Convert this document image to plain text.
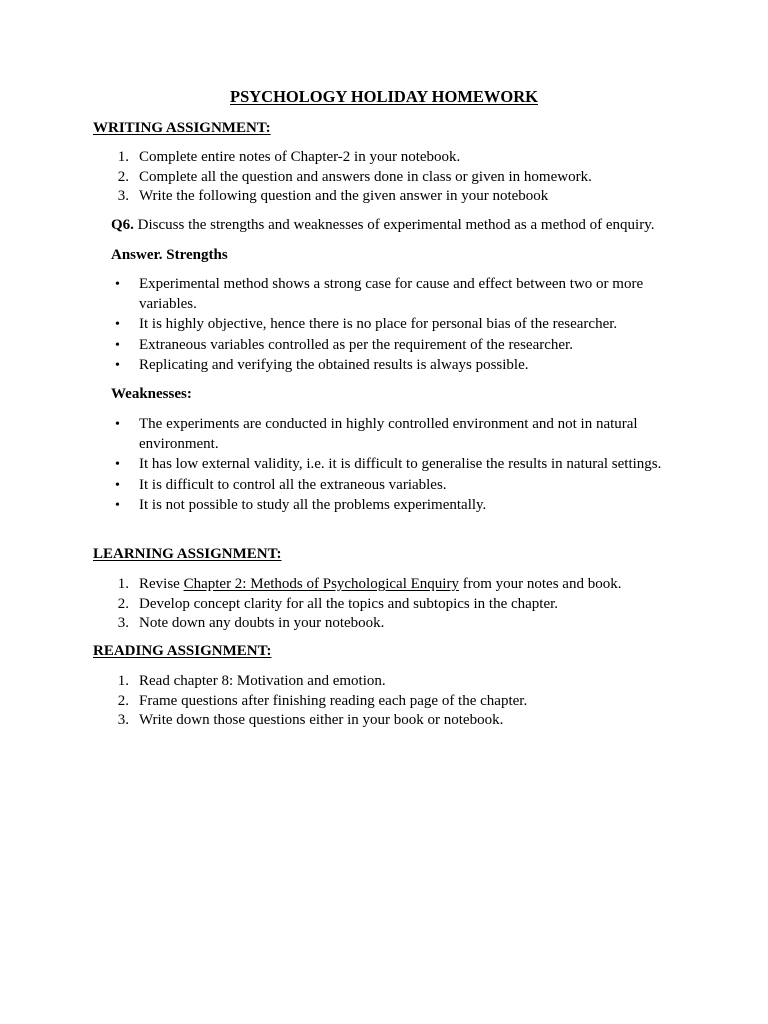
PSYCHOLOGY HOLIDAY HOMEWORK
WRITING ASSIGNMENT:
1. Complete entire notes of Chapter-2 in your notebook.
2. Complete all the question and answers done in class or given in homework.
3. Write the following question and the given answer in your notebook
Q6. Discuss the strengths and weaknesses of experimental method as a method of enquiry.
Answer. Strengths
•	Experimental method shows a strong case for cause and effect between two or more variables.
•	It is highly objective, hence there is no place for personal bias of the researcher.
•	Extraneous variables controlled as per the requirement of the researcher.
•	Replicating and verifying the obtained results is always possible.
Weaknesses:
•	The experiments are conducted in highly controlled environment and not in natural environment.
•	It has low external validity, i.e. it is difficult to generalise the results in natural settings.
•	It is difficult to control all the extraneous variables.
•	It is not possible to study all the problems experimentally.
LEARNING ASSIGNMENT:
1. Revise Chapter 2: Methods of Psychological Enquiry from your notes and book.
2. Develop concept clarity for all the topics and subtopics in the chapter.
3. Note down any doubts in your notebook.
READING ASSIGNMENT:
1. Read chapter 8: Motivation and emotion.
2. Frame questions after finishing reading each page of the chapter.
3. Write down those questions either in your book or notebook.
